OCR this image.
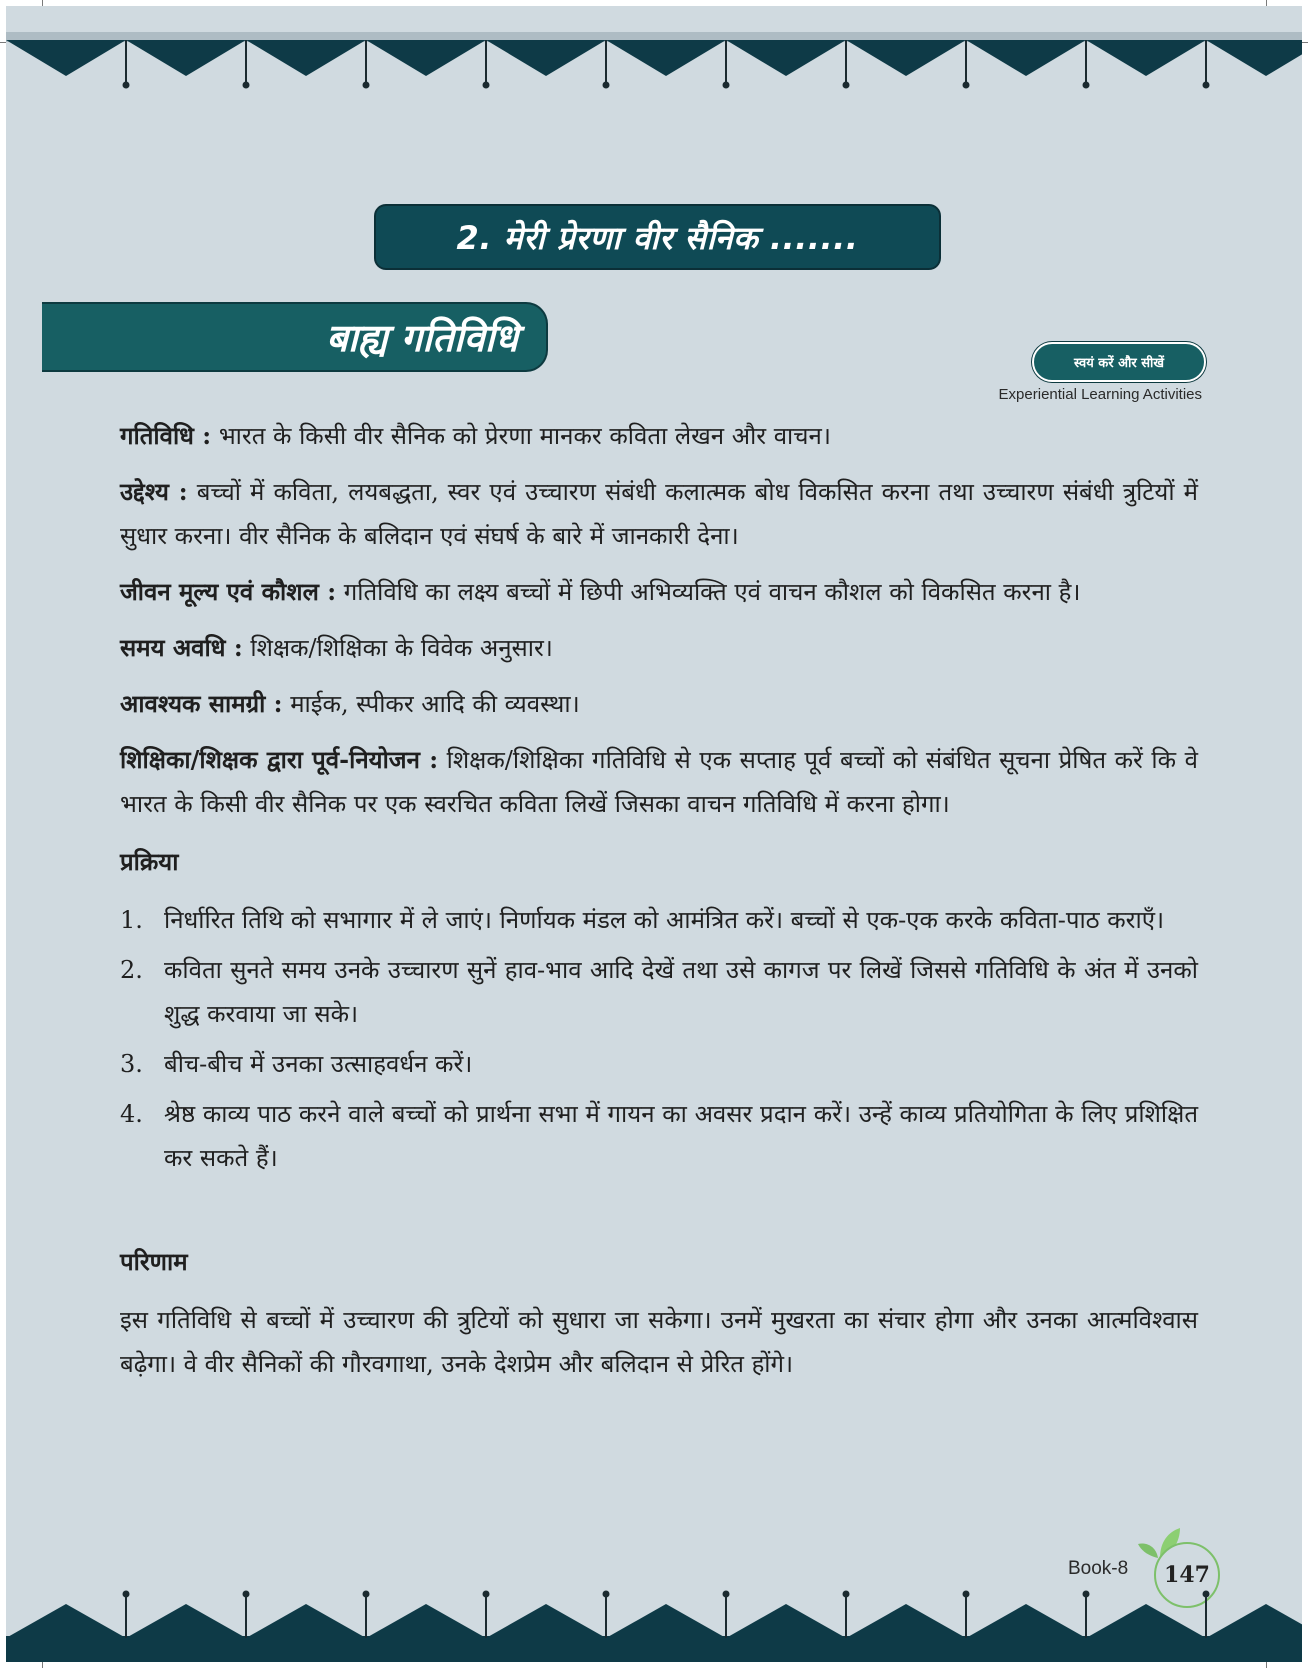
2. मेरी प्रेरणा वीर सैनिक .......
बाह्य गतिविधि
स्वयं करें और सीखें
Experiential Learning Activities

गतिविधि : भारत के किसी वीर सैनिक को प्रेरणा मानकर कविता लेखन और वाचन।

उद्देश्य : बच्चों में कविता, लयबद्धता, स्वर एवं उच्चारण संबंधी कलात्मक बोध विकसित करना तथा उच्चारण संबंधी त्रुटियों में सुधार करना। वीर सैनिक के बलिदान एवं संघर्ष के बारे में जानकारी देना।

जीवन मूल्य एवं कौशल : गतिविधि का लक्ष्य बच्चों में छिपी अभिव्यक्ति एवं वाचन कौशल को विकसित करना है।

समय अवधि : शिक्षक/शिक्षिका के विवेक अनुसार।

आवश्यक सामग्री : माईक, स्पीकर आदि की व्यवस्था।

शिक्षिका/शिक्षक द्वारा पूर्व-नियोजन : शिक्षक/शिक्षिका गतिविधि से एक सप्ताह पूर्व बच्चों को संबंधित सूचना प्रेषित करें कि वे भारत के किसी वीर सैनिक पर एक स्वरचित कविता लिखें जिसका वाचन गतिविधि में करना होगा।

प्रक्रिया
1. निर्धारित तिथि को सभागार में ले जाएं। निर्णायक मंडल को आमंत्रित करें। बच्चों से एक-एक करके कविता-पाठ कराएँ।
2. कविता सुनते समय उनके उच्चारण सुनें हाव-भाव आदि देखें तथा उसे कागज पर लिखें जिससे गतिविधि के अंत में उनको शुद्ध करवाया जा सके।
3. बीच-बीच में उनका उत्साहवर्धन करें।
4. श्रेष्ठ काव्य पाठ करने वाले बच्चों को प्रार्थना सभा में गायन का अवसर प्रदान करें। उन्हें काव्य प्रतियोगिता के लिए प्रशिक्षित कर सकते हैं।
परिणाम

इस गतिविधि से बच्चों में उच्चारण की त्रुटियों को सुधारा जा सकेगा। उनमें मुखरता का संचार होगा और उनका आत्मविश्वास बढ़ेगा। वे वीर सैनिकों की गौरवगाथा, उनके देशप्रेम और बलिदान से प्रेरित होंगे।

Book-8	147
